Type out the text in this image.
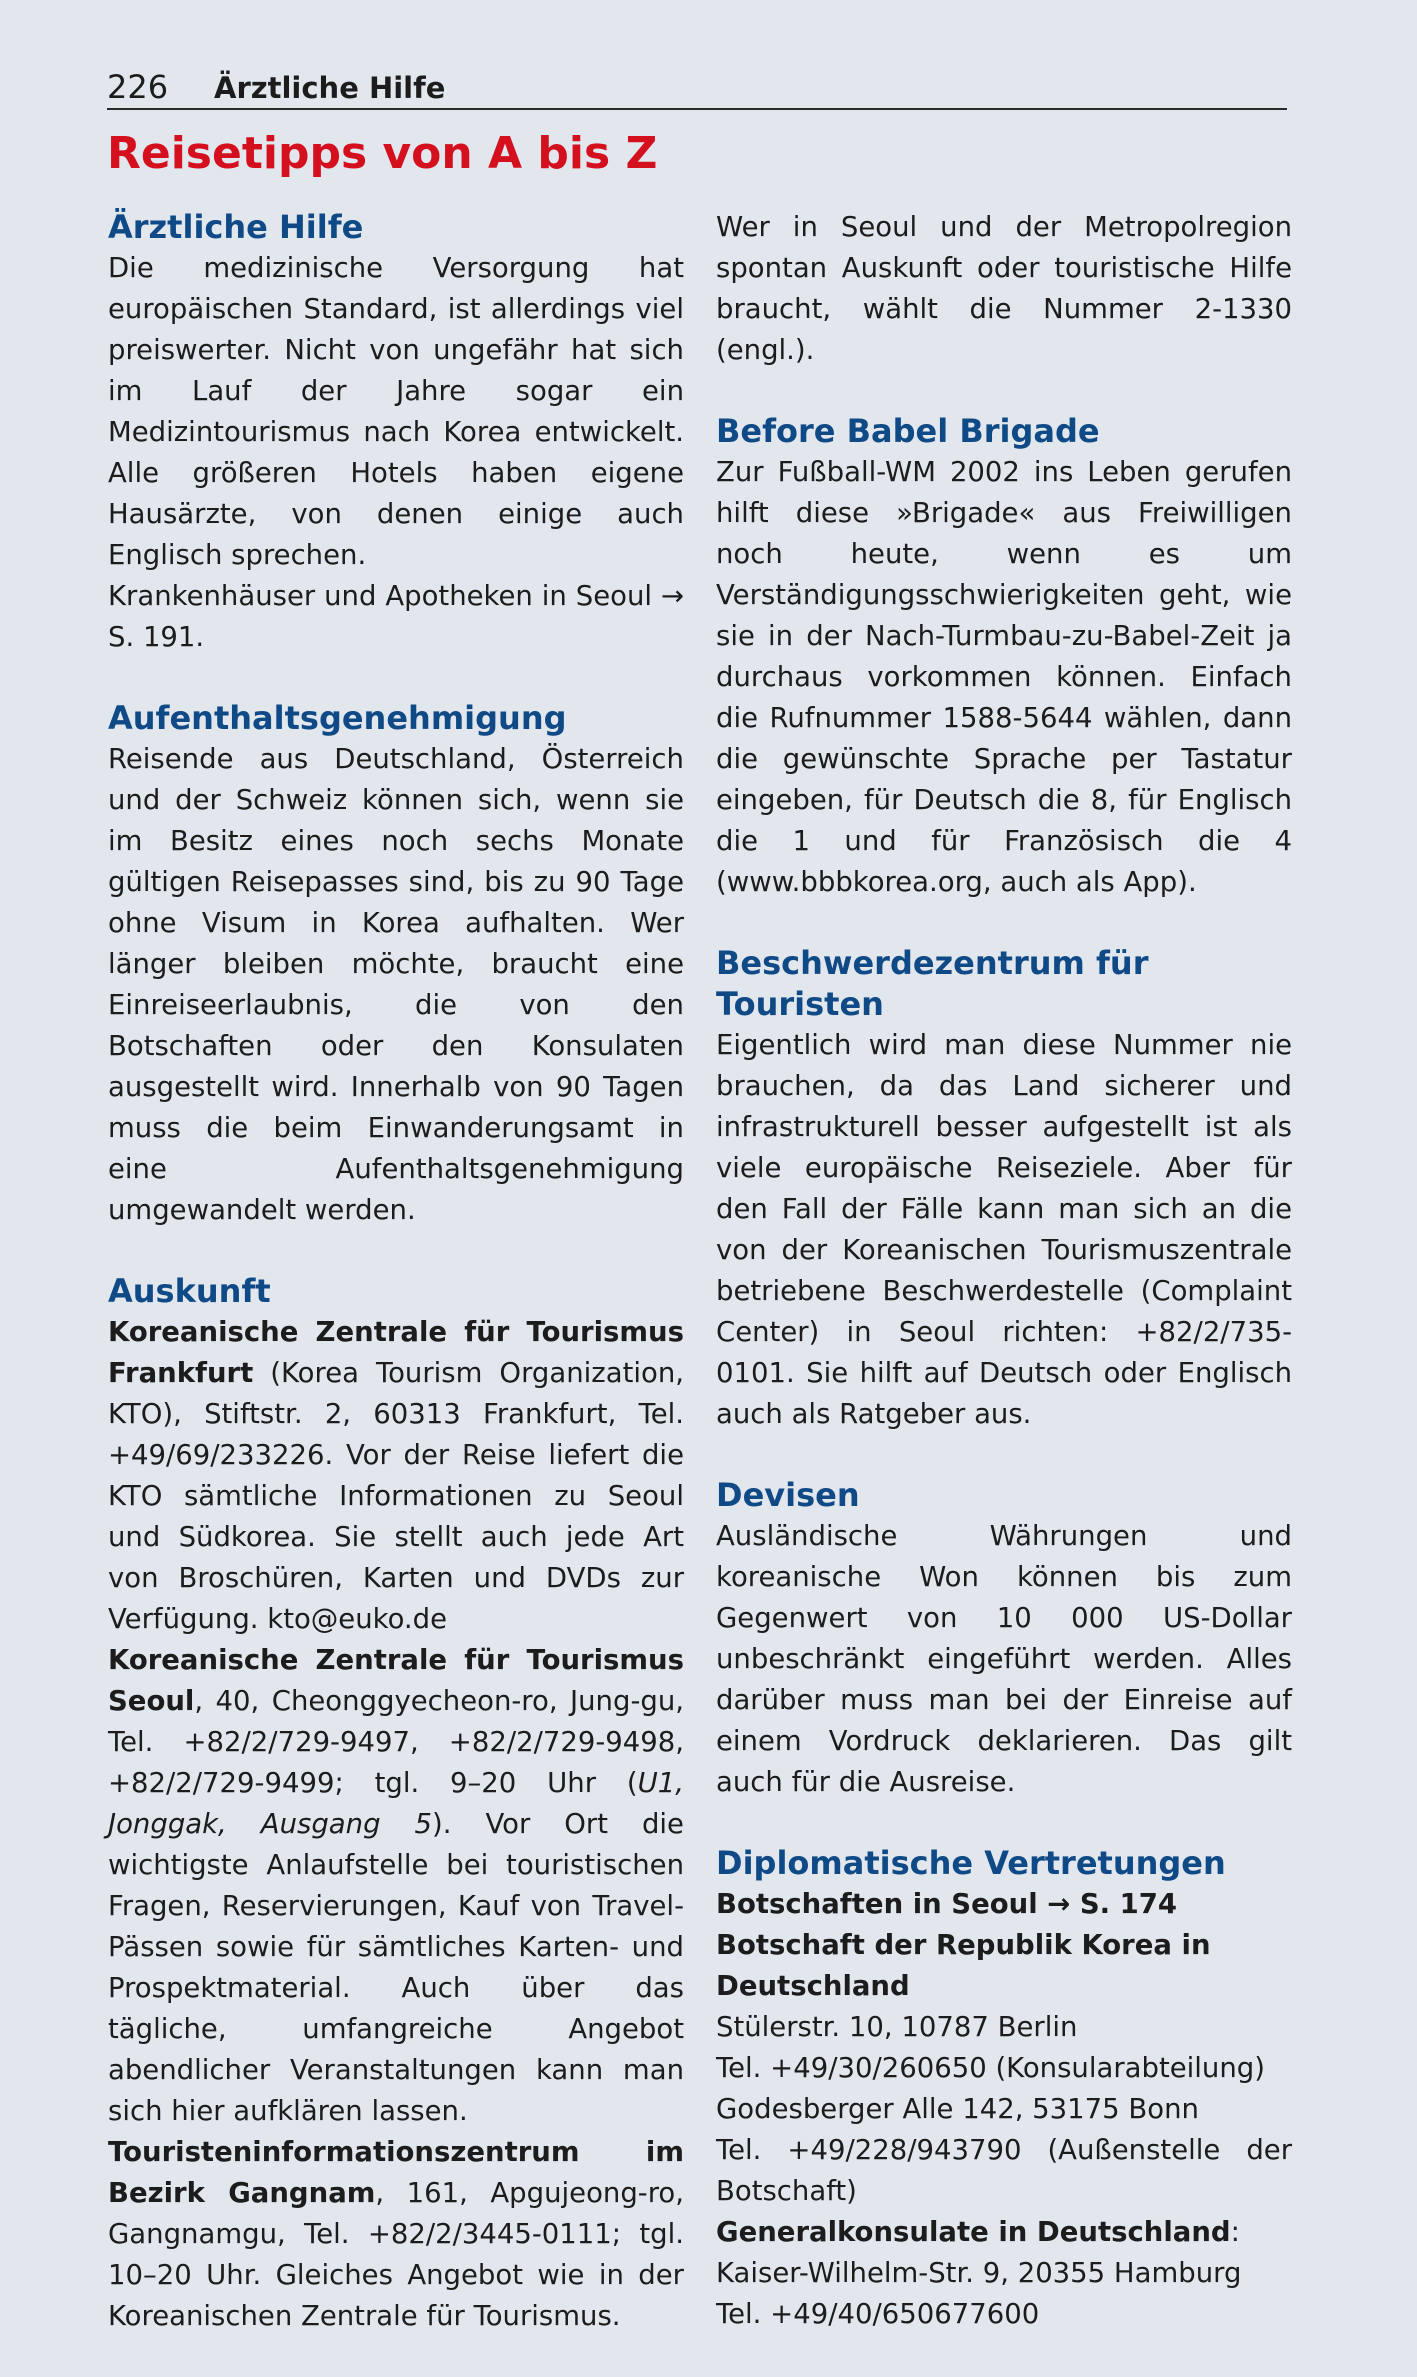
226 Ärztliche Hilfe
Reisetipps von A bis Z
Ärztliche Hilfe

Die medizinische Versorgung hat europäischen Standard, ist allerdings viel preiswerter. Nicht von ungefähr hat sich im Lauf der Jahre sogar ein Medizintourismus nach Korea entwickelt. Alle größeren Hotels haben eigene Hausärzte, von denen einige auch Englisch sprechen.

Krankenhäuser und Apotheken in Seoul → S. 191.

Aufenthaltsgenehmigung

Reisende aus Deutschland, Österreich und der Schweiz können sich, wenn sie im Besitz eines noch sechs Monate gültigen Reisepasses sind, bis zu 90 Tage ohne Visum in Korea aufhalten. Wer länger bleiben möchte, braucht eine Einreiseerlaubnis, die von den Botschaften oder den Konsulaten ausgestellt wird. Innerhalb von 90 Tagen muss die beim Einwanderungsamt in eine Aufenthaltsgenehmigung umgewandelt werden.

Auskunft

Koreanische Zentrale für Tourismus Frankfurt (Korea Tourism Organization, KTO), Stiftstr. 2, 60313 Frankfurt, Tel. +49/69/233226. Vor der Reise liefert die KTO sämtliche Informationen zu Seoul und Südkorea. Sie stellt auch jede Art von Broschüren, Karten und DVDs zur Verfügung. kto@euko.de

Koreanische Zentrale für Tourismus Seoul, 40, Cheonggyecheon-ro, Jung-gu, Tel. +82/2/729-9497, +82/2/729-9498, +82/2/729-9499; tgl. 9–20 Uhr (U1, Jonggak, Ausgang 5). Vor Ort die wichtigste Anlaufstelle bei touristischen Fragen, Reservierungen, Kauf von Travel-Pässen sowie für sämtliches Karten- und Prospektmaterial. Auch über das tägliche, umfangreiche Angebot abendlicher Veranstaltungen kann man sich hier aufklären lassen.

Touristeninformationszentrum im Bezirk Gangnam, 161, Apgujeong-ro, Gangnamgu, Tel. +82/2/3445-0111; tgl. 10–20 Uhr. Gleiches Angebot wie in der Koreanischen Zentrale für Tourismus.

Wer in Seoul und der Metropolregion spontan Auskunft oder touristische Hilfe braucht, wählt die Nummer 2-1330 (engl.).

Before Babel Brigade

Zur Fußball-WM 2002 ins Leben gerufen hilft diese »Brigade« aus Freiwilligen noch heute, wenn es um Verständigungsschwierigkeiten geht, wie sie in der Nach-Turmbau-zu-Babel-Zeit ja durchaus vorkommen können. Einfach die Rufnummer 1588-5644 wählen, dann die gewünschte Sprache per Tastatur eingeben, für Deutsch die 8, für Englisch die 1 und für Französisch die 4 (www.bbbkorea.org, auch als App).

Beschwerdezentrum für Touristen

Eigentlich wird man diese Nummer nie brauchen, da das Land sicherer und infrastrukturell besser aufgestellt ist als viele europäische Reiseziele. Aber für den Fall der Fälle kann man sich an die von der Koreanischen Tourismuszentrale betriebene Beschwerdestelle (Complaint Center) in Seoul richten: +82/2/735-0101. Sie hilft auf Deutsch oder Englisch auch als Ratgeber aus.

Devisen

Ausländische Währungen und koreanische Won können bis zum Gegenwert von 10 000 US-Dollar unbeschränkt eingeführt werden. Alles darüber muss man bei der Einreise auf einem Vordruck deklarieren. Das gilt auch für die Ausreise.

Diplomatische Vertretungen

Botschaften in Seoul → S. 174

Botschaft der Republik Korea in Deutschland

Stülerstr. 10, 10787 Berlin

Tel. +49/30/260650 (Konsularabteilung)

Godesberger Alle 142, 53175 Bonn

Tel. +49/228/943790 (Außenstelle der Botschaft)

Generalkonsulate in Deutschland:

Kaiser-Wilhelm-Str. 9, 20355 Hamburg

Tel. +49/40/650677600
